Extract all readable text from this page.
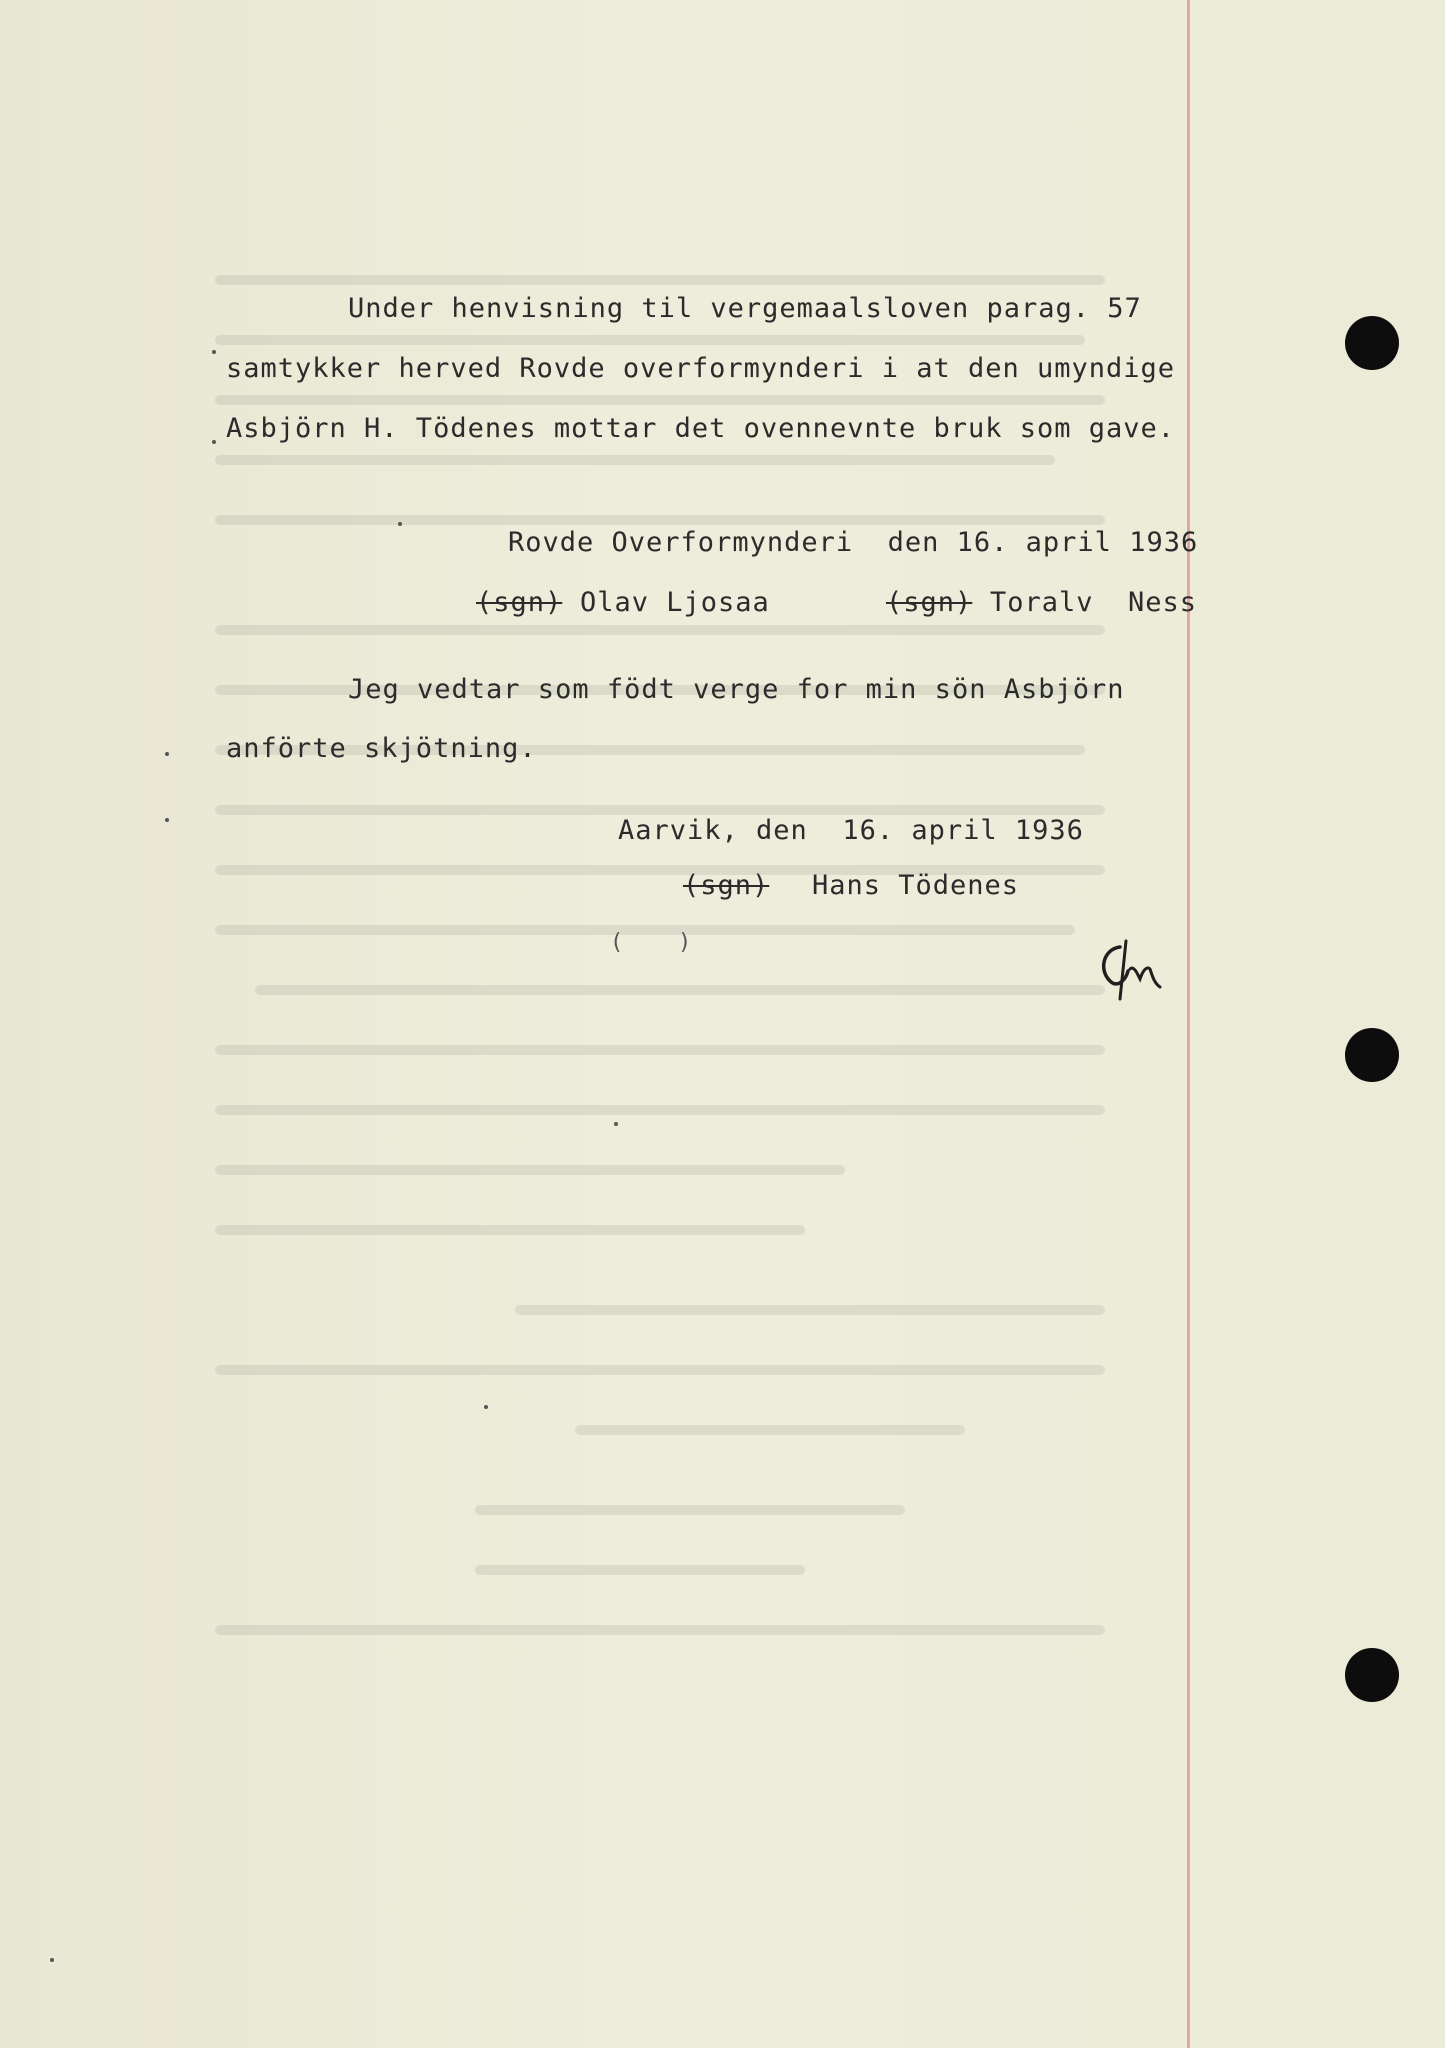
Under henvisning til vergemaalsloven parag. 57
samtykker herved Rovde overformynderi i at den umyndige
Asbjörn H. Tödenes mottar det ovennevnte bruk som gave.
Rovde Overformynderi  den 16. april 1936
(sgn) Olav Ljosaa	(sgn) Toralv  Ness
Jeg vedtar som födt verge for min sön Asbjörn
anförte skjötning.
Aarvik, den  16. april 1936
(sgn) Hans Tödenes
( )
